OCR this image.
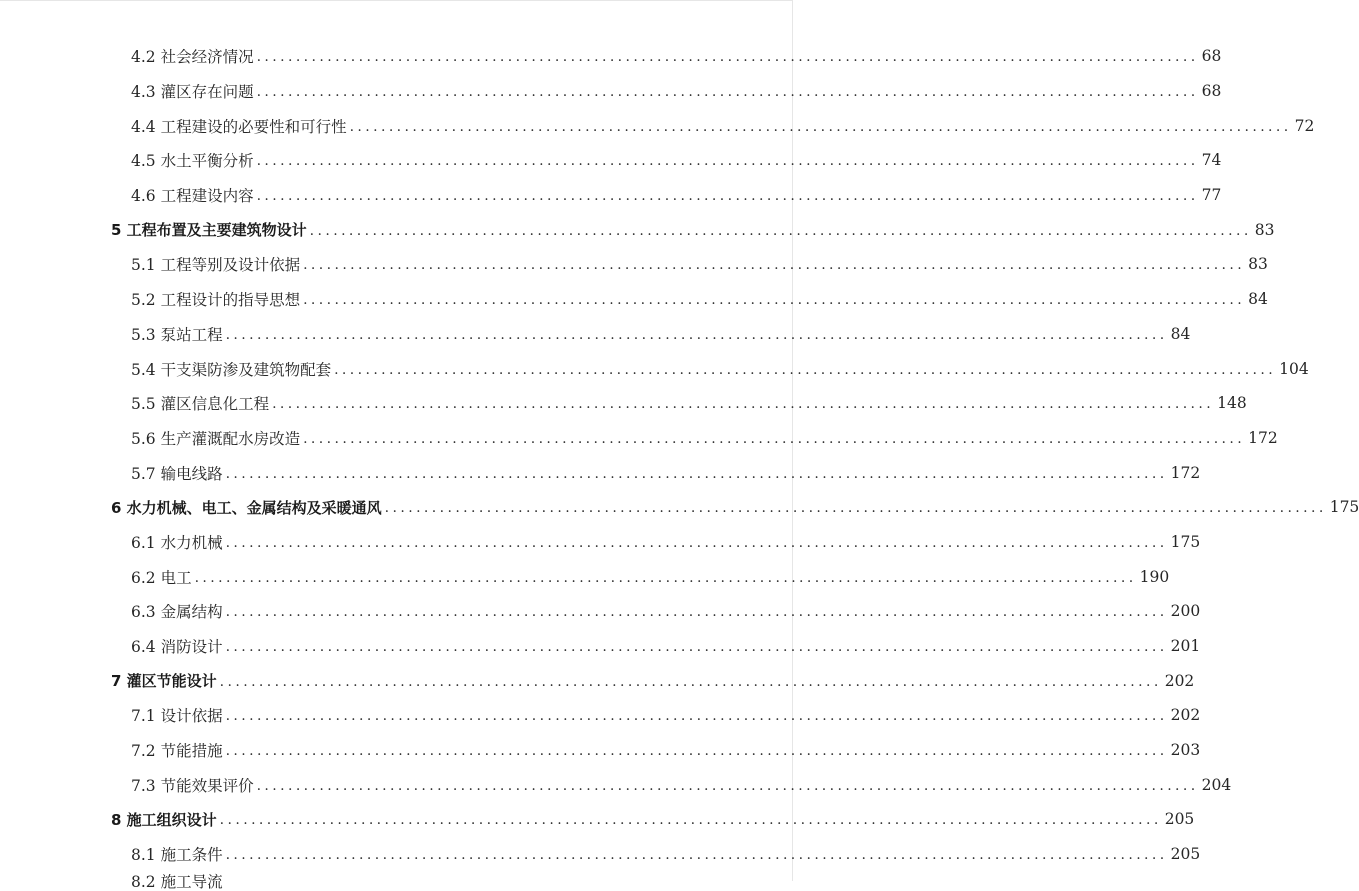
4.2 社会经济情况 ........................................................................................................................ 68
4.3 灌区存在问题 ........................................................................................................................ 68
4.4 工程建设的必要性和可行性 ........................................................................................................................ 72
4.5 水土平衡分析 ........................................................................................................................ 74
4.6 工程建设内容 ........................................................................................................................ 77
5 工程布置及主要建筑物设计 ........................................................................................................................ 83
5.1 工程等别及设计依据 ........................................................................................................................ 83
5.2 工程设计的指导思想 ........................................................................................................................ 84
5.3 泵站工程 ........................................................................................................................ 84
5.4 干支渠防渗及建筑物配套 ........................................................................................................................ 104
5.5 灌区信息化工程 ........................................................................................................................ 148
5.6 生产灌溉配水房改造 ........................................................................................................................ 172
5.7 输电线路 ........................................................................................................................ 172
6 水力机械、电工、金属结构及采暖通风 ........................................................................................................................ 175
6.1 水力机械 ........................................................................................................................ 175
6.2 电工 ........................................................................................................................ 190
6.3 金属结构 ........................................................................................................................ 200
6.4 消防设计 ........................................................................................................................ 201
7 灌区节能设计 ........................................................................................................................ 202
7.1 设计依据 ........................................................................................................................ 202
7.2 节能措施 ........................................................................................................................ 203
7.3 节能效果评价 ........................................................................................................................ 204
8 施工组织设计 ........................................................................................................................ 205
8.1 施工条件 ........................................................................................................................ 205
8.2 施工导流
